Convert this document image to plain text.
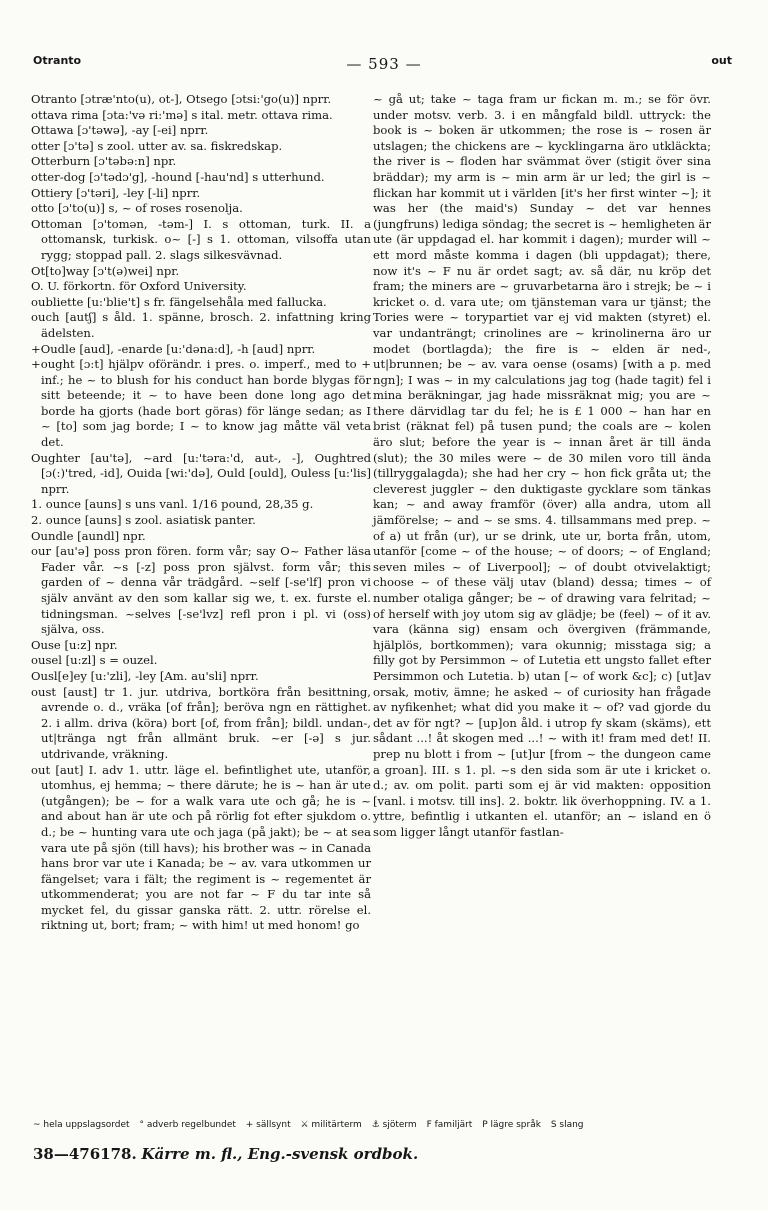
Otranto	— 593 —	out

Otranto [ɔtræ'nto(u), ot-], Otsego [ɔtsi:'go(u)] nprr.

ottava rima [ɔta:'və ri:'mə] s ital. metr. ottava rima.

Ottawa [ɔ'təwə], -ay [-ei] nprr.

otter [ɔ'tə] s zool. utter av. sa. fiskredskap.

Otterburn [ɔ'təbə:n] npr.

otter-dog [ɔ'tədɔ'g], -hound [-hau'nd] s utterhund.

Ottiery [ɔ'təri], -ley [-li] nprr.

otto [ɔ'to(u)] s, ~ of roses rosenolja.

Ottoman [ɔ'tomən, -təm-] I. s ottoman, turk. II. a ottomansk, turkisk. o~ [-] s 1. ottoman, vilsoffa utan rygg; stoppad pall. 2. slags silkesvävnad.

Ot[to]way [ɔ't(ə)wei] npr.

O. U. förkortn. för Oxford University.

oubliette [u:'blie't] s fr. fängelsehåla med fallucka.

ouch [autʃ] s åld. 1. spänne, brosch. 2. infattning kring ädelsten.

+Oudle [aud], -enarde [u:'dəna:d], -h [aud] nprr.

+ought [ɔ:t] hjälpv oförändr. i pres. o. imperf., med to + inf.; he ~ to blush for his conduct han borde blygas för sitt beteende; it ~ to have been done long ago det borde ha gjorts (hade bort göras) för länge sedan; as I ~ [to] som jag borde; I ~ to know jag måtte väl veta det.

Oughter [au'tə], ~ard [u:'təra:'d, aut-, -], Oughtred [ɔ(:)'tred, -id], Ouida [wi:'də], Ould [ould], Ouless [u:'lis] nprr.

1. ounce [auns] s uns vanl. 1/16 pound, 28,35 g.

2. ounce [auns] s zool. asiatisk panter.

Oundle [aundl] npr.

our [au'ə] poss pron fören. form vår; say O~ Father läsa Fader vår. ~s [-z] poss pron självst. form vår; this garden of ~ denna vår trädgård. ~self [-se'lf] pron vi själv använt av den som kallar sig we, t. ex. furste el. tidningsman. ~selves [-se'lvz] refl pron i pl. vi (oss) själva, oss.

Ouse [u:z] npr.

ousel [u:zl] s = ouzel.

Ousl[e]ey [u:'zli], -ley [Am. au'sli] nprr.

oust [aust] tr 1. jur. utdriva, bortköra från besittning, avrende o. d., vräka [of från]; beröva ngn en rättighet. 2. i allm. driva (köra) bort [of, from från]; bildl. undan-, ut|tränga ngt från allmänt bruk. ~er [-ə] s jur. utdrivande, vräkning.

out [aut] I. adv 1. uttr. läge el. befintlighet ute, utanför, utomhus, ej hemma; ~ there därute; he is ~ han är ute (utgången); be ~ for a walk vara ute och gå; he is ~ and about han är ute och på rörlig fot efter sjukdom o. d.; be ~ hunting vara ute och jaga (på jakt); be ~ at sea vara ute på sjön (till havs); his brother was ~ in Canada hans bror var ute i Kanada; be ~ av. vara utkommen ur fängelset; vara i fält; the regiment is ~ regementet är utkommenderat; you are not far ~ F du tar inte så mycket fel, du gissar ganska rätt. 2. uttr. rörelse el. riktning ut, bort; fram; ~ with him! ut med honom! go

~ gå ut; take ~ taga fram ur fickan m. m.; se för övr. under motsv. verb. 3. i en mångfald bildl. uttryck: the book is ~ boken är utkommen; the rose is ~ rosen är utslagen; the chickens are ~ kycklingarna äro utkläckta; the river is ~ floden har svämmat över (stigit över sina bräddar); my arm is ~ min arm är ur led; the girl is ~ flickan har kommit ut i världen [it's her first winter ~]; it was her (the maid's) Sunday ~ det var hennes (jungfruns) lediga söndag; the secret is ~ hemligheten är ute (är uppdagad el. har kommit i dagen); murder will ~ ett mord måste komma i dagen (bli uppdagat); there, now it's ~ F nu är ordet sagt; av. så där, nu kröp det fram; the miners are ~ gruvarbetarna äro i strejk; be ~ i kricket o. d. vara ute; om tjänsteman vara ur tjänst; the Tories were ~ torypartiet var ej vid makten (styret) el. var undanträngt; crinolines are ~ krinolinerna äro ur modet (bortlagda); the fire is ~ elden är ned-, ut|brunnen; be ~ av. vara oense (osams) [with a p. med ngn]; I was ~ in my calculations jag tog (hade tagit) fel i mina beräkningar, jag hade missräknat mig; you are ~ there därvidlag tar du fel; he is £ 1 000 ~ han har en brist (räknat fel) på tusen pund; the coals are ~ kolen äro slut; before the year is ~ innan året är till ända (slut); the 30 miles were ~ de 30 milen voro till ända (tillryggalagda); she had her cry ~ hon fick gråta ut; the cleverest juggler ~ den duktigaste gycklare som tänkas kan; ~ and away framför (över) alla andra, utom all jämförelse; ~ and ~ se sms. 4. tillsammans med prep. ~ of a) ut från (ur), ur se drink, ute ur, borta från, utom, utanför [come ~ of the house; ~ of doors; ~ of England; seven miles ~ of Liverpool]; ~ of doubt otvivelaktigt; choose ~ of these välj utav (bland) dessa; times ~ of number otaliga gånger; be ~ of drawing vara felritad; ~ of herself with joy utom sig av glädje; be (feel) ~ of it av. vara (känna sig) ensam och övergiven (främmande, hjälplös, bortkommen); vara okunnig; misstaga sig; a filly got by Persimmon ~ of Lutetia ett ungsto fallet efter Persimmon och Lutetia. b) utan [~ of work &c]; c) [ut]av orsak, motiv, ämne; he asked ~ of curiosity han frågade av nyfikenhet; what did you make it ~ of? vad gjorde du det av för ngt? ~ [up]on åld. i utrop fy skam (skäms), ett sådant ...! åt skogen med ...! ~ with it! fram med det! II. prep nu blott i from ~ [ut]ur [from ~ the dungeon came a groan]. III. s 1. pl. ~s den sida som är ute i kricket o. d.; av. om polit. parti som ej är vid makten: opposition [vanl. i motsv. till ins]. 2. boktr. lik överhoppning. IV. a 1. yttre, befintlig i utkanten el. utanför; an ~ island en ö som ligger långt utanför fastlan-

~ hela uppslagsordet ° adverb regelbundet + sällsynt ⚔ militärterm ⚓ sjöterm F familjärt P lägre språk S slang
38—476178. Kärre m. fl., Eng.-svensk ordbok.
